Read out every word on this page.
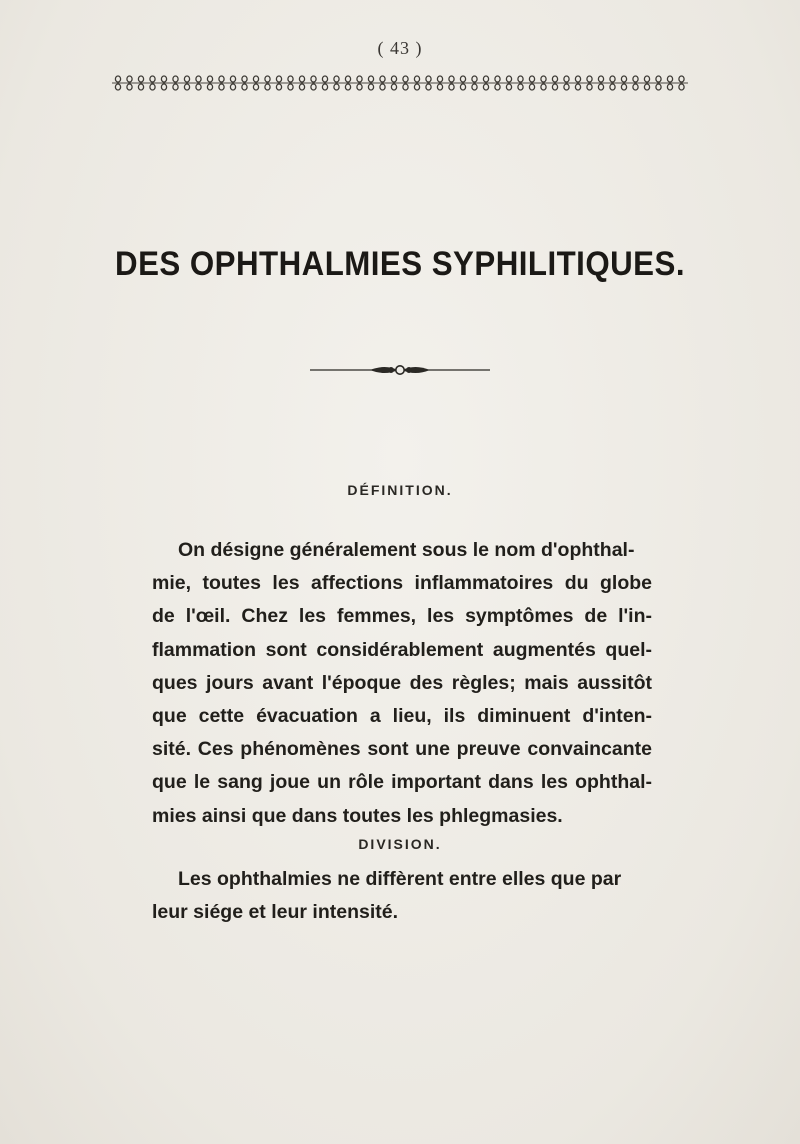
( 43 )
DES OPHTHALMIES SYPHILITIQUES.
DÉFINITION.
On désigne généralement sous le nom d'ophthal-
mie, toutes les affections inflammatoires du globe
de l'œil. Chez les femmes, les symptômes de l'in-
flammation sont considérablement augmentés quel-
ques jours avant l'époque des règles; mais aussitôt
que cette évacuation a lieu, ils diminuent d'inten-
sité. Ces phénomènes sont une preuve convaincante
que le sang joue un rôle important dans les ophthal-
mies ainsi que dans toutes les phlegmasies.
DIVISION.
Les ophthalmies ne diffèrent entre elles que par
leur siége et leur intensité.
